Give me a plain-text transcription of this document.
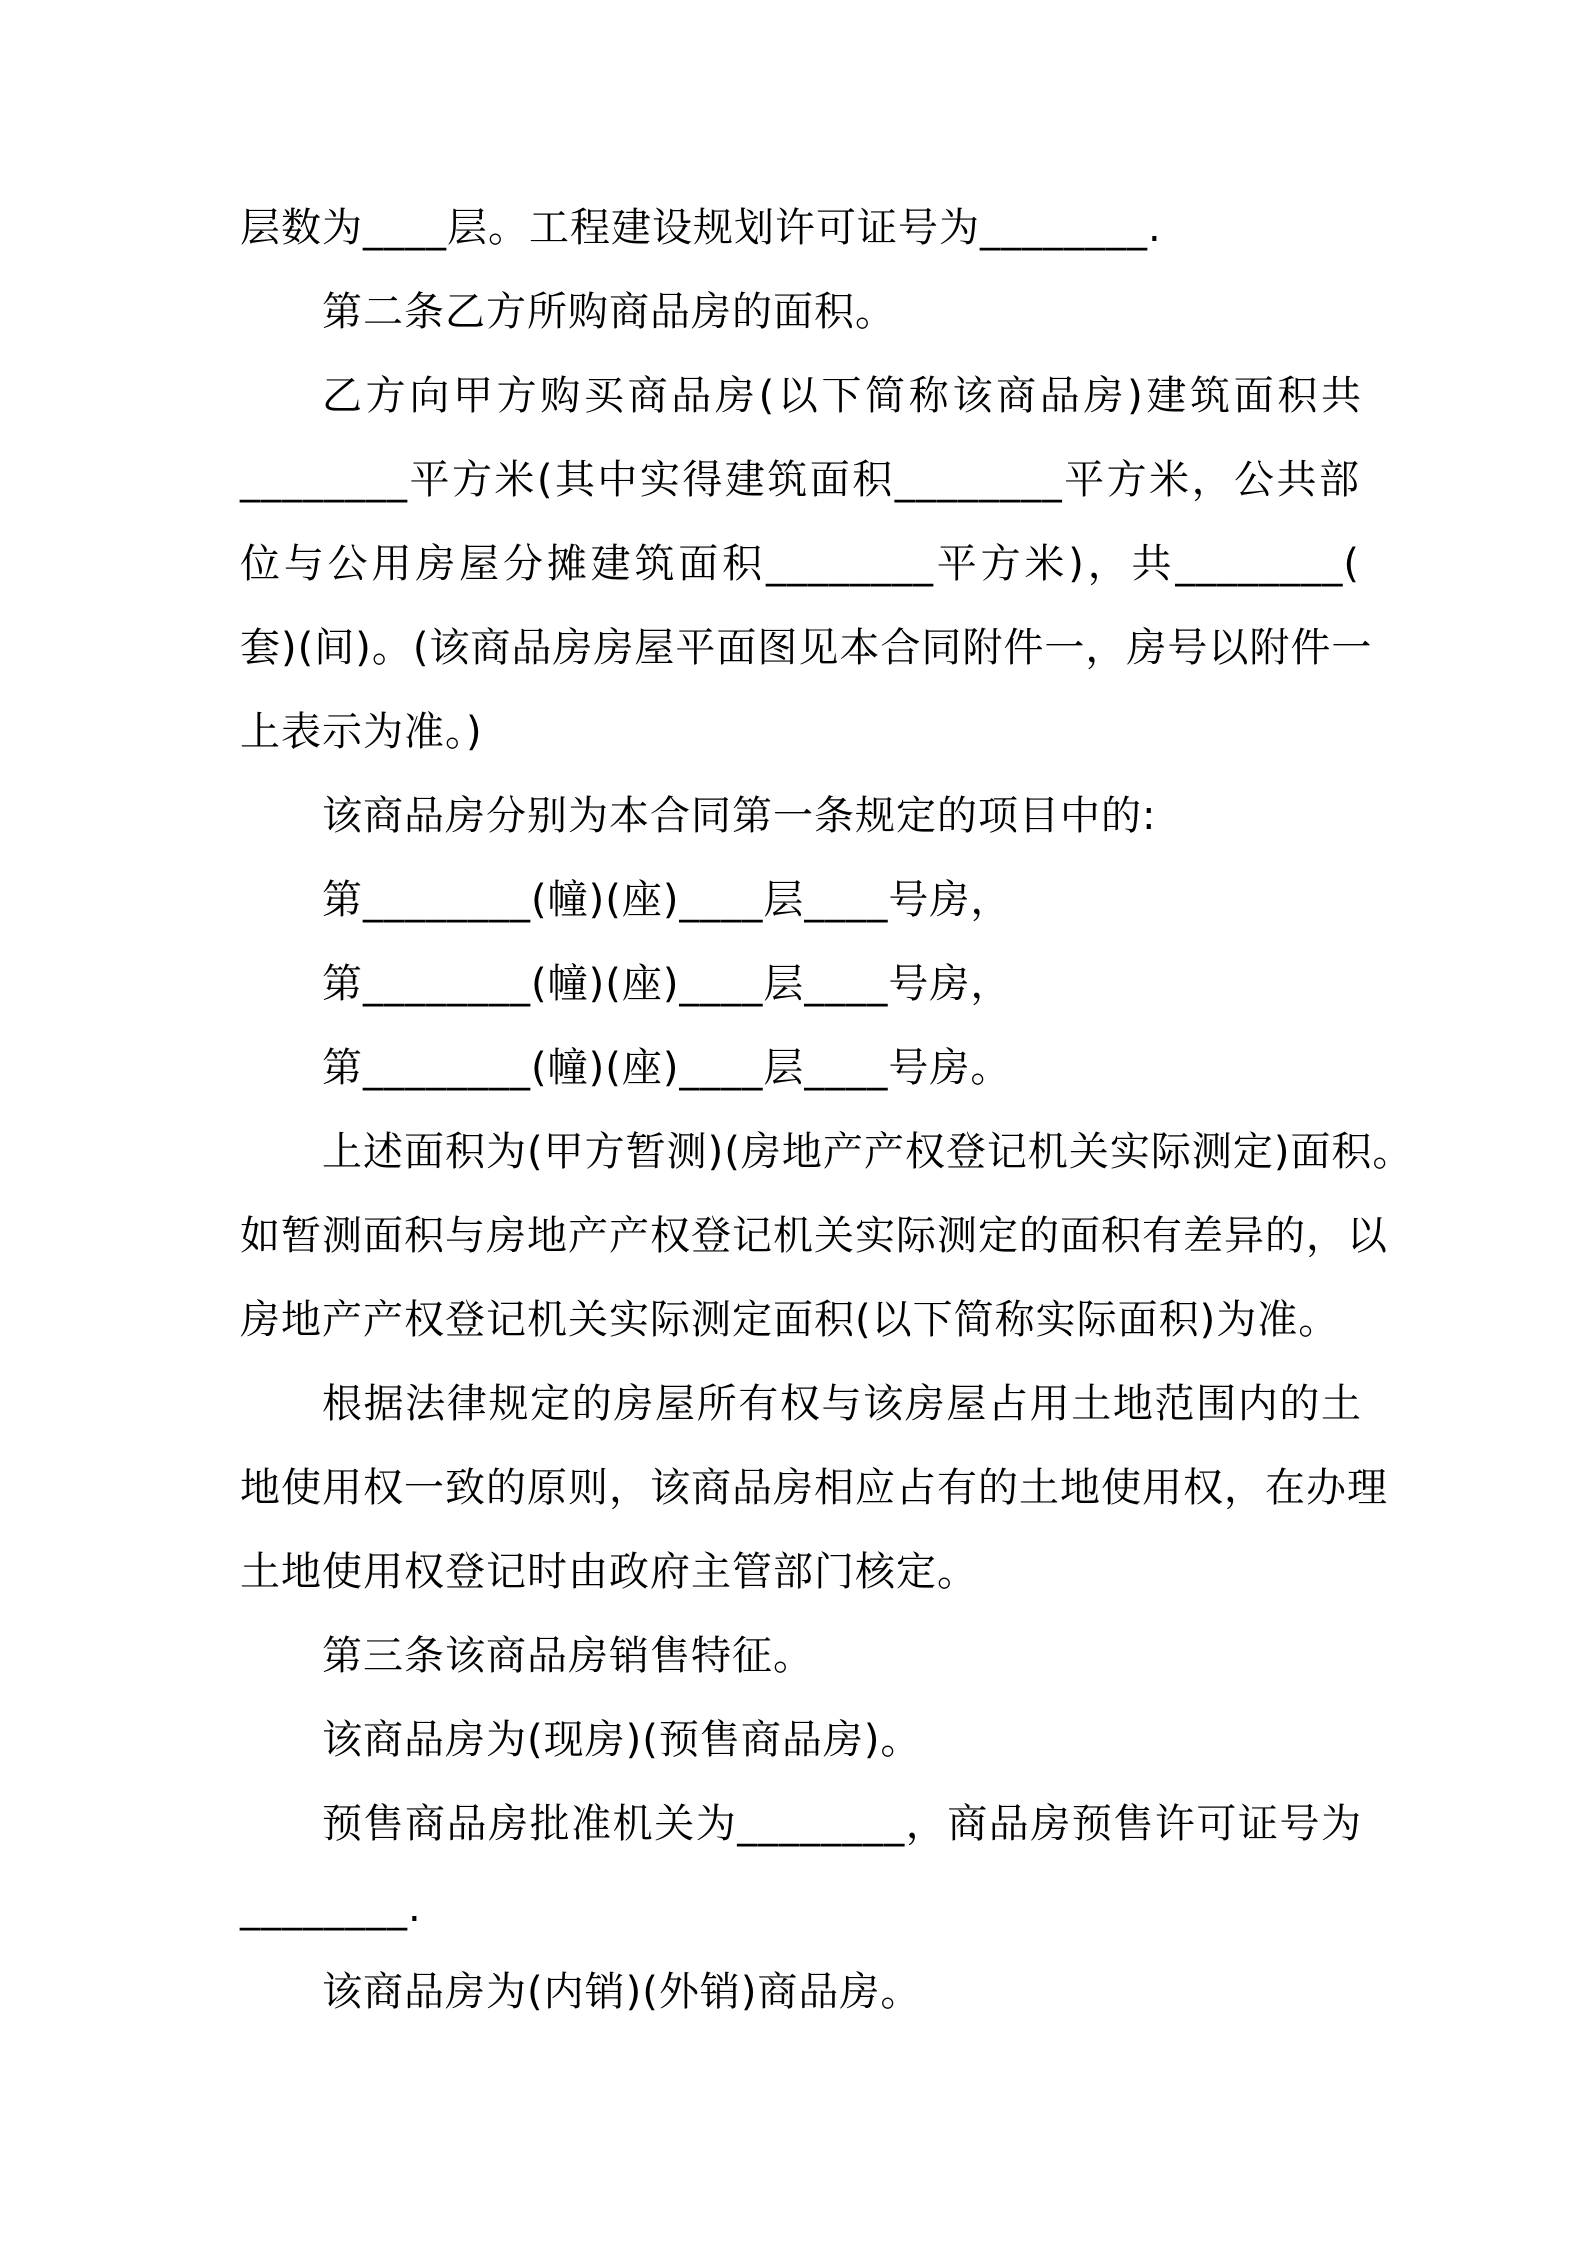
层数为____层。工程建设规划许可证号为________.
第二条乙方所购商品房的面积。
乙方向甲方购买商品房(以下简称该商品房)建筑面积共
________平方米(其中实得建筑面积________平方米，公共部
位与公用房屋分摊建筑面积________平方米)，共________(
套)(间)。(该商品房房屋平面图见本合同附件一，房号以附件一
上表示为准。)
该商品房分别为本合同第一条规定的项目中的:
第________(幢)(座)____层____号房，
第________(幢)(座)____层____号房，
第________(幢)(座)____层____号房。
上述面积为(甲方暂测)(房地产产权登记机关实际测定)面积。
如暂测面积与房地产产权登记机关实际测定的面积有差异的，以
房地产产权登记机关实际测定面积(以下简称实际面积)为准。
根据法律规定的房屋所有权与该房屋占用土地范围内的土
地使用权一致的原则，该商品房相应占有的土地使用权，在办理
土地使用权登记时由政府主管部门核定。
第三条该商品房销售特征。
该商品房为(现房)(预售商品房)。
预售商品房批准机关为________，商品房预售许可证号为
________.
该商品房为(内销)(外销)商品房。
